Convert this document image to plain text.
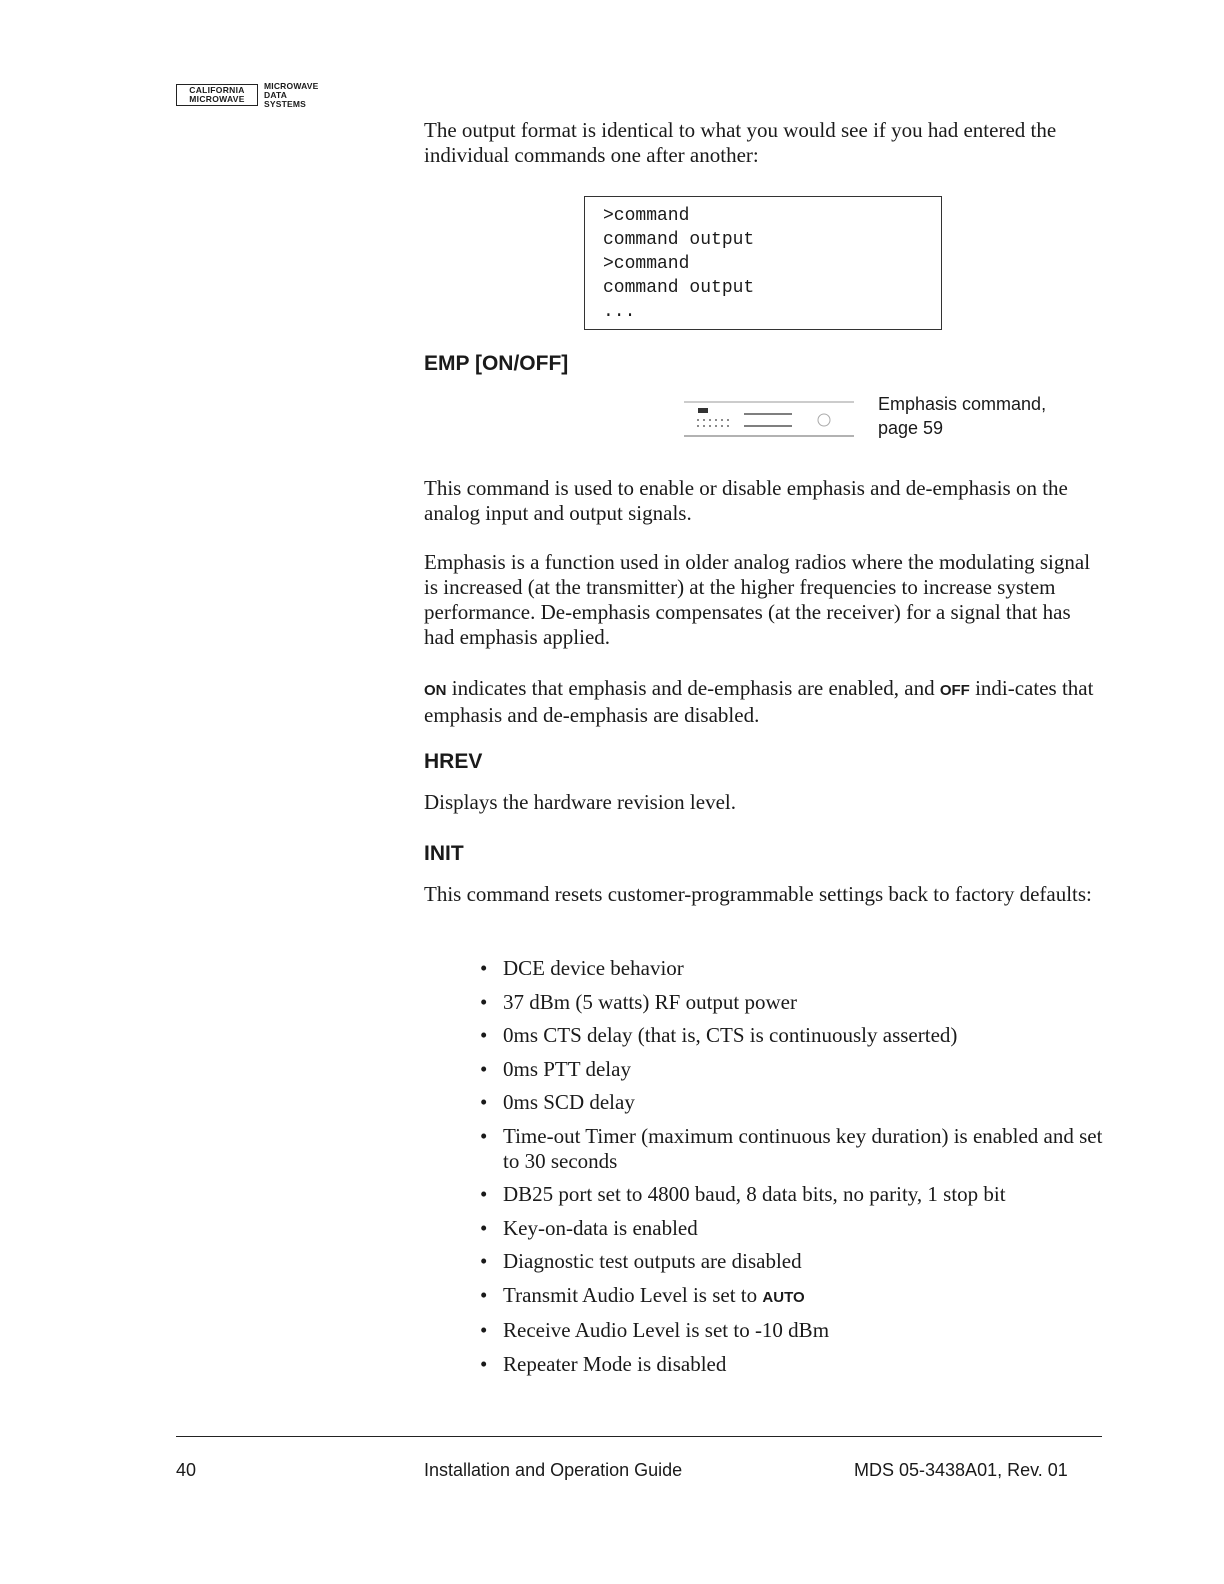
CALIFORNIA
MICROWAVE
MICROWAVE
DATA
SYSTEMS

The output format is identical to what you would see if you had entered the individual commands one after another:

>command
command output
>command
command output
...
EMP [ON/OFF]
Emphasis command,
page 59

This command is used to enable or disable emphasis and de-emphasis on the analog input and output signals.

Emphasis is a function used in older analog radios where the modulating signal is increased (at the transmitter) at the higher frequencies to increase system performance. De-emphasis compensates (at the receiver) for a signal that has had emphasis applied.

ON indicates that emphasis and de-emphasis are enabled, and OFF indi-cates that emphasis and de-emphasis are disabled.

HREV

Displays the hardware revision level.

INIT

This command resets customer-programmable settings back to factory defaults:

• DCE device behavior
• 37 dBm (5 watts) RF output power
• 0ms CTS delay (that is, CTS is continuously asserted)
• 0ms PTT delay
• 0ms SCD delay
• Time-out Timer (maximum continuous key duration) is enabled and set to 30 seconds
• DB25 port set to 4800 baud, 8 data bits, no parity, 1 stop bit
• Key-on-data is enabled
• Diagnostic test outputs are disabled
• Transmit Audio Level is set to AUTO
• Receive Audio Level is set to -10 dBm
• Repeater Mode is disabled
40	Installation and Operation Guide	MDS 05-3438A01, Rev. 01
